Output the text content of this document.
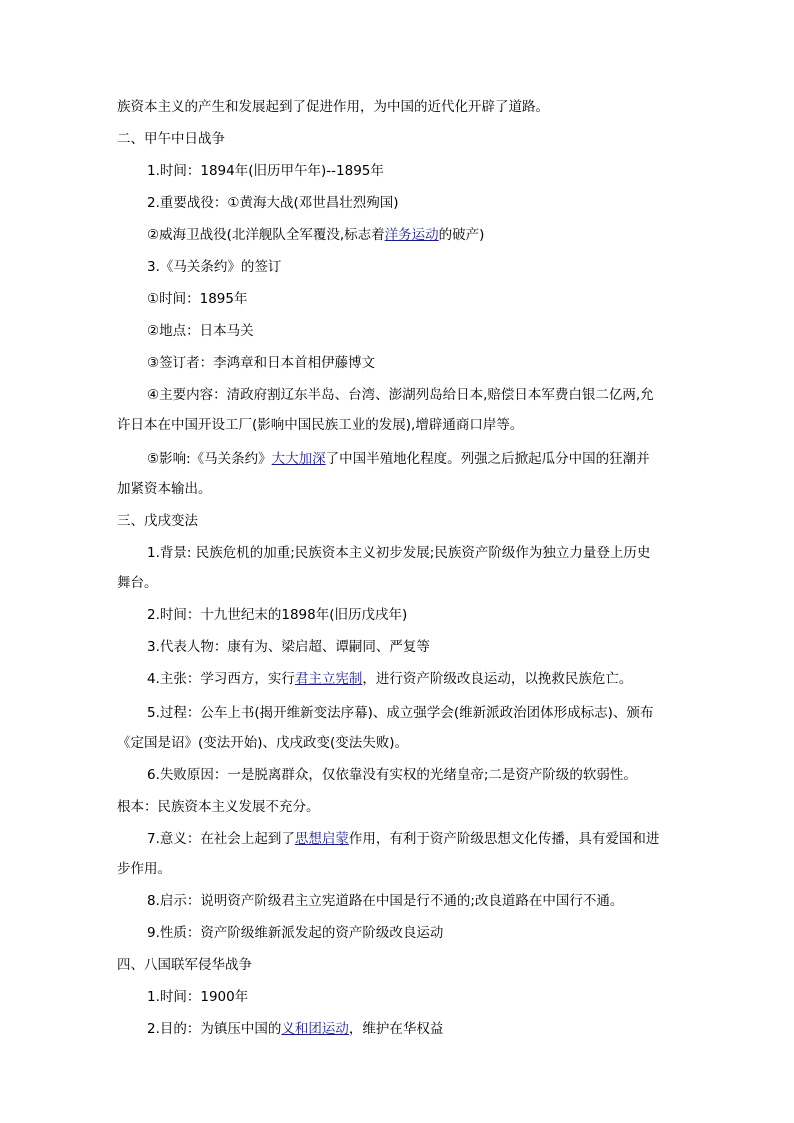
族资本主义的产生和发展起到了促进作用，为中国的近代化开辟了道路。
二、甲午中日战争
1.时间：1894年(旧历甲午年)--1895年
2.重要战役：①黄海大战(邓世昌壮烈殉国)
②威海卫战役(北洋舰队全军覆没,标志着洋务运动的破产)
3.《马关条约》的签订
①时间：1895年
②地点：日本马关
③签订者：李鸿章和日本首相伊藤博文
④主要内容：清政府割辽东半岛、台湾、澎湖列岛给日本,赔偿日本军费白银二亿两,允
许日本在中国开设工厂(影响中国民族工业的发展),增辟通商口岸等。
⑤影响:《马关条约》大大加深了中国半殖地化程度。列强之后掀起瓜分中国的狂潮并
加紧资本输出。
三、戊戌变法
1.背景: 民族危机的加重;民族资本主义初步发展;民族资产阶级作为独立力量登上历史
舞台。
2.时间：十九世纪末的1898年(旧历戊戌年)
3.代表人物：康有为、梁启超、谭嗣同、严复等
4.主张：学习西方，实行君主立宪制，进行资产阶级改良运动，以挽救民族危亡。
5.过程：公车上书(揭开维新变法序幕)、成立强学会(维新派政治团体形成标志)、颁布
《定国是诏》(变法开始)、戊戌政变(变法失败)。
6.失败原因：一是脱离群众，仅依靠没有实权的光绪皇帝;二是资产阶级的软弱性。
根本：民族资本主义发展不充分。
7.意义：在社会上起到了思想启蒙作用，有利于资产阶级思想文化传播，具有爱国和进
步作用。
8.启示：说明资产阶级君主立宪道路在中国是行不通的;改良道路在中国行不通。
9.性质：资产阶级维新派发起的资产阶级改良运动
四、八国联军侵华战争
1.时间：1900年
2.目的：为镇压中国的义和团运动，维护在华权益
